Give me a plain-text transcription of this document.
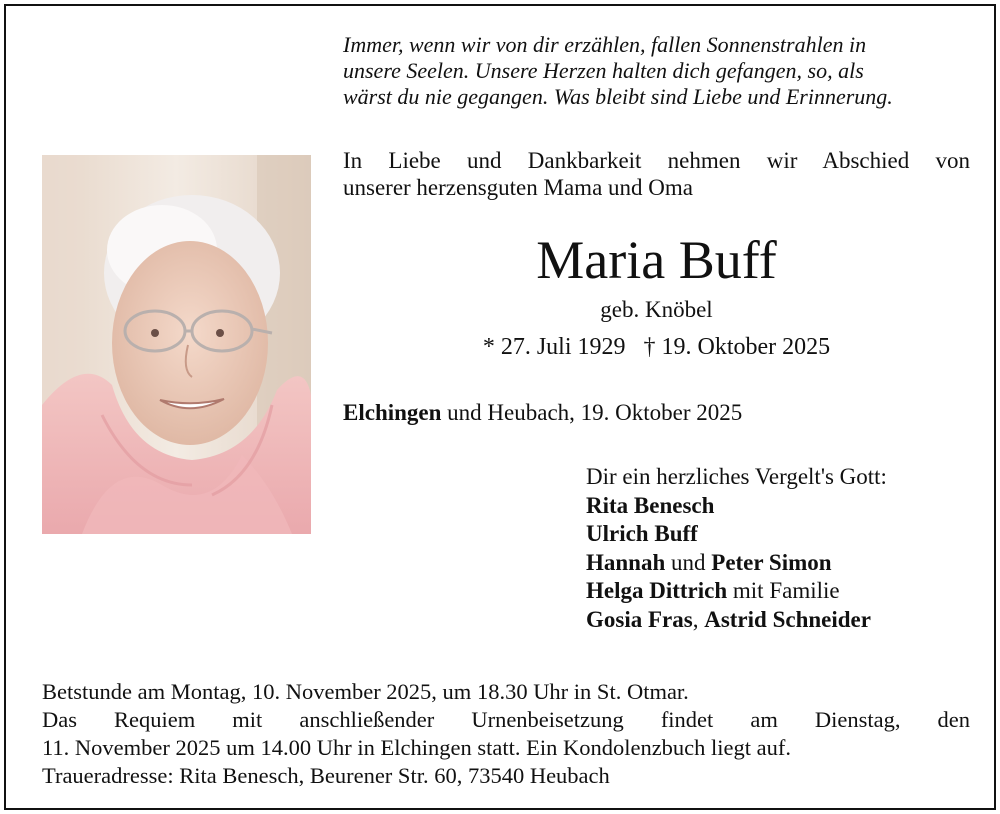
Immer, wenn wir von dir erzählen, fallen Sonnenstrahlen in
unsere Seelen. Unsere Herzen halten dich gefangen, so, als
wärst du nie gegangen. Was bleibt sind Liebe und Erinnerung.
In Liebe und Dankbarkeit nehmen wir Abschied von
unserer herzensguten Mama und Oma
Maria Buff
geb. Knöbel
* 27. Juli 1929 † 19. Oktober 2025
Elchingen und Heubach, 19. Oktober 2025
Dir ein herzliches Vergelt's Gott:
Rita Benesch
Ulrich Buff
Hannah und Peter Simon
Helga Dittrich mit Familie
Gosia Fras, Astrid Schneider
Betstunde am Montag, 10. November 2025, um 18.30 Uhr in St. Otmar.
Das Requiem mit anschließender Urnenbeisetzung findet am Dienstag, den
11. November 2025 um 14.00 Uhr in Elchingen statt. Ein Kondolenzbuch liegt auf.
Traueradresse: Rita Benesch, Beurener Str. 60, 73540 Heubach
